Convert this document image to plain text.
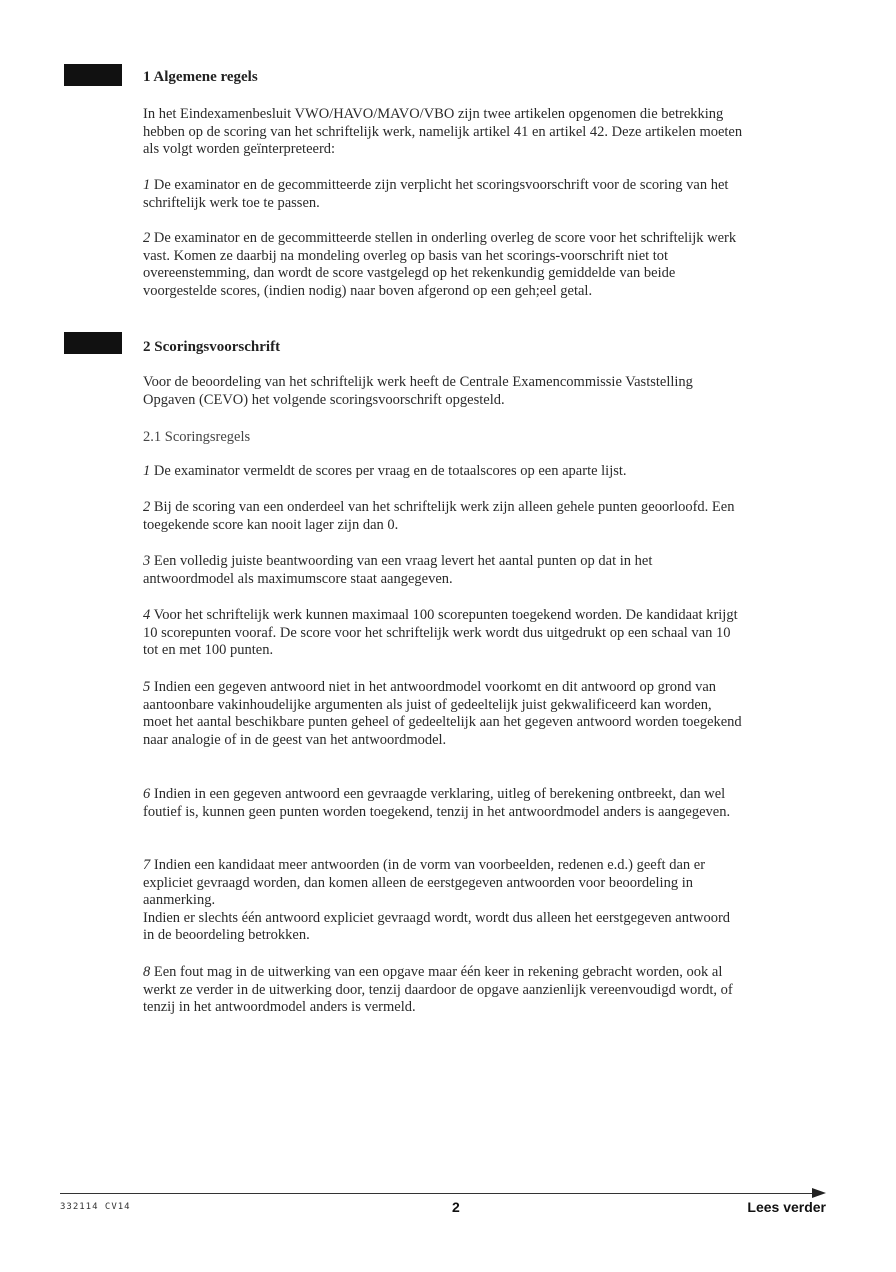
1 Algemene regels

In het Eindexamenbesluit VWO/HAVO/MAVO/VBO zijn twee artikelen opgenomen die betrekking hebben op de scoring van het schriftelijk werk, namelijk artikel 41 en artikel 42. Deze artikelen moeten als volgt worden geïnterpreteerd:

1 De examinator en de gecommitteerde zijn verplicht het scoringsvoorschrift voor de scoring van het schriftelijk werk toe te passen.

2 De examinator en de gecommitteerde stellen in onderling overleg de score voor het schriftelijk werk vast. Komen ze daarbij na mondeling overleg op basis van het scorings-voorschrift niet tot overeenstemming, dan wordt de score vastgelegd op het rekenkundig gemiddelde van beide voorgestelde scores, (indien nodig) naar boven afgerond op een geh;eel getal.

2 Scoringsvoorschrift

Voor de beoordeling van het schriftelijk werk heeft de Centrale Examencommissie Vaststelling Opgaven (CEVO) het volgende scoringsvoorschrift opgesteld.

2.1 Scoringsregels

1 De examinator vermeldt de scores per vraag en de totaalscores op een aparte lijst.

2 Bij de scoring van een onderdeel van het schriftelijk werk zijn alleen gehele punten geoorloofd. Een toegekende score kan nooit lager zijn dan 0.

3 Een volledig juiste beantwoording van een vraag levert het aantal punten op dat in het antwoordmodel als maximumscore staat aangegeven.

4 Voor het schriftelijk werk kunnen maximaal 100 scorepunten toegekend worden. De kandidaat krijgt 10 scorepunten vooraf. De score voor het schriftelijk werk wordt dus uitgedrukt op een schaal van 10 tot en met 100 punten.

5 Indien een gegeven antwoord niet in het antwoordmodel voorkomt en dit antwoord op grond van aantoonbare vakinhoudelijke argumenten als juist of gedeeltelijk juist gekwalificeerd kan worden, moet het aantal beschikbare punten geheel of gedeeltelijk aan het gegeven antwoord worden toegekend naar analogie of in de geest van het antwoordmodel.

6 Indien in een gegeven antwoord een gevraagde verklaring, uitleg of berekening ontbreekt, dan wel foutief is, kunnen geen punten worden toegekend, tenzij in het antwoordmodel anders is aangegeven.

7 Indien een kandidaat meer antwoorden (in de vorm van voorbeelden, redenen e.d.) geeft dan er expliciet gevraagd worden, dan komen alleen de eerstgegeven antwoorden voor beoordeling in aanmerking.
Indien er slechts één antwoord expliciet gevraagd wordt, wordt dus alleen het eerstgegeven antwoord in de beoordeling betrokken.

8 Een fout mag in de uitwerking van een opgave maar één keer in rekening gebracht worden, ook al werkt ze verder in de uitwerking door, tenzij daardoor de opgave aanzienlijk vereenvoudigd wordt, of tenzij in het antwoordmodel anders is vermeld.

332114 CV14	2	Lees verder
